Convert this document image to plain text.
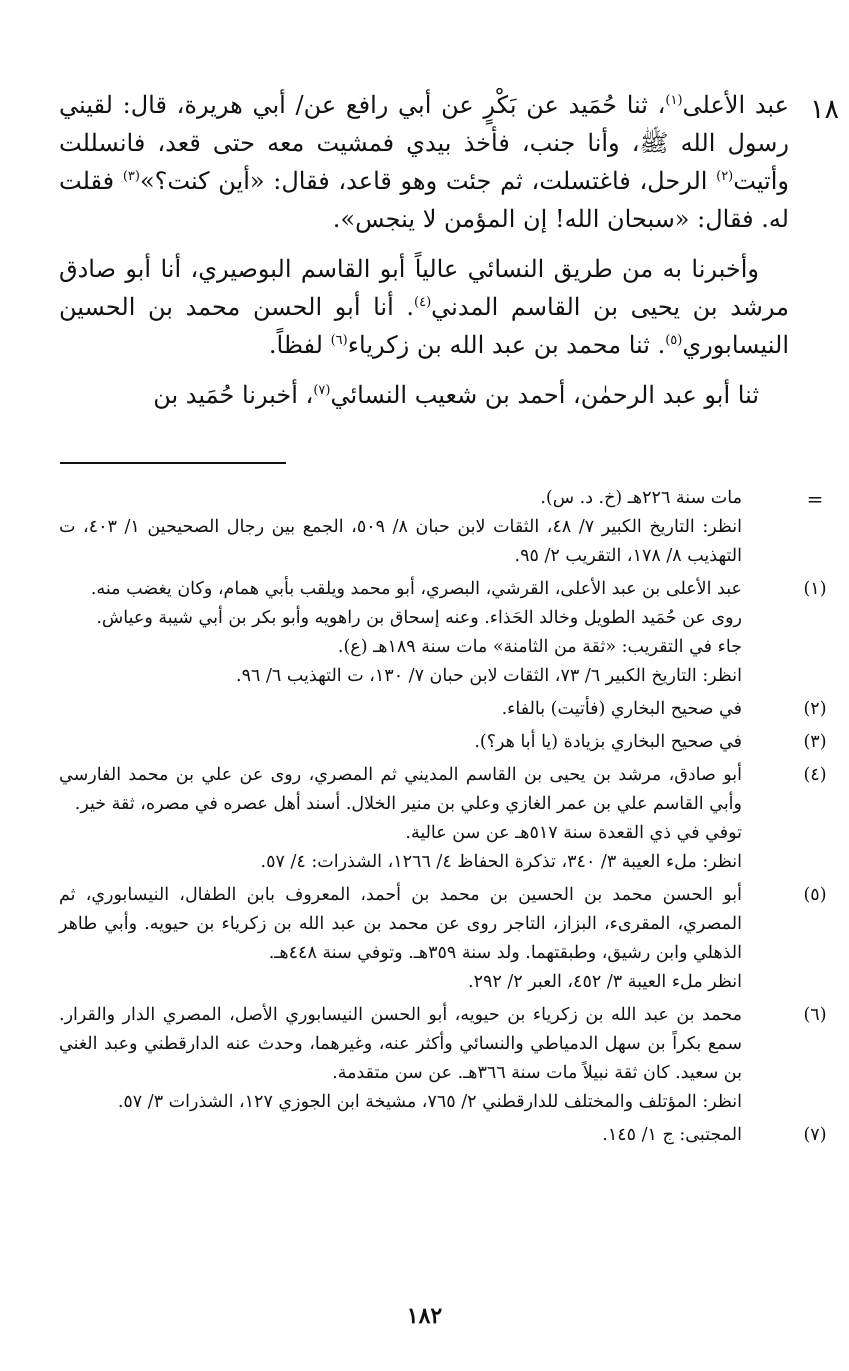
١٨

عبد الأعلى$^{(١)}$، ثنا حُمَيد عن بَكْرٍ عن أبي رافع عن/ أبي هريرة، قال: لقيني رسول الله ﷺ، وأنا جنب، فأخذ بيدي فمشيت معه حتى قعد، فانسللت وأتيت$^{(٢)}$ الرحل، فاغتسلت، ثم جئت وهو قاعد، فقال: «أين كنت؟»$^{(٣)}$ فقلت له. فقال: «سبحان الله! إن المؤمن لا ينجس».

وأخبرنا به من طريق النسائي عالياً أبو القاسم البوصيري، أنا أبو صادق مرشد بن يحيى بن القاسم المدني$^{(٤)}$. أنا أبو الحسن محمد بن الحسين النيسابوري$^{(٥)}$. ثنا محمد بن عبد الله بن زكرياء$^{(٦)}$ لفظاً.

ثنا أبو عبد الرحمٰن، أحمد بن شعيب النسائي$^{(٧)}$، أخبرنا حُمَيد بن

=

مات سنة ٢٢٦هـ (خ. د. س).

انظر: التاريخ الكبير ٧/ ٤٨، الثقات لابن حبان ٨/ ٥٠٩، الجمع بين رجال الصحيحين ١/ ٤٠٣، ت التهذيب ٨/ ١٧٨، التقريب ٢/ ٩٥.

(١)

عبد الأعلى بن عبد الأعلى، القرشي، البصري، أبو محمد ويلقب بأبي همام، وكان يغضب منه.

روى عن حُمَيد الطويل وخالد الحَذاء. وعنه إسحاق بن راهويه وأبو بكر بن أبي شيبة وعياش.

جاء في التقريب: «ثقة من الثامنة» مات سنة ١٨٩هـ (ع).

انظر: التاريخ الكبير ٦/ ٧٣، الثقات لابن حبان ٧/ ١٣٠، ت التهذيب ٦/ ٩٦.

(٢)

في صحيح البخاري (فأتيت) بالفاء.

(٣)

في صحيح البخاري بزيادة (يا أبا هر؟).

(٤)

أبو صادق، مرشد بن يحيى بن القاسم المديني ثم المصري، روى عن علي بن محمد الفارسي وأبي القاسم علي بن عمر الغازي وعلي بن منير الخلال. أسند أهل عصره في مصره، ثقة خير.

توفي في ذي القعدة سنة ٥١٧هـ عن سن عالية.

انظر: ملء العيبة ٣/ ٣٤٠، تذكرة الحفاظ ٤/ ١٢٦٦، الشذرات: ٤/ ٥٧.

(٥)

أبو الحسن محمد بن الحسين بن محمد بن أحمد، المعروف بابن الطفال، النيسابوري، ثم المصري، المقرىء، البزاز، التاجر روى عن محمد بن عبد الله بن زكرياء بن حيويه. وأبي طاهر الذهلي وابن رشيق، وطبقتهما. ولد سنة ٣٥٩هـ. وتوفي سنة ٤٤٨هـ.

انظر ملء العيبة ٣/ ٤٥٢، العبر ٢/ ٢٩٢.

(٦)

محمد بن عبد الله بن زكرياء بن حيويه، أبو الحسن النيسابوري الأصل، المصري الدار والقرار. سمع بكراً بن سهل الدمياطي والنسائي وأكثر عنه، وغيرهما، وحدث عنه الدارقطني وعبد الغني بن سعيد. كان ثقة نبيلاً مات سنة ٣٦٦هـ. عن سن متقدمة.

انظر: المؤتلف والمختلف للدارقطني ٢/ ٧٦٥، مشيخة ابن الجوزي ١٢٧، الشذرات ٣/ ٥٧.

(٧)

المجتبى: ج ١/ ١٤٥.

١٨٢
